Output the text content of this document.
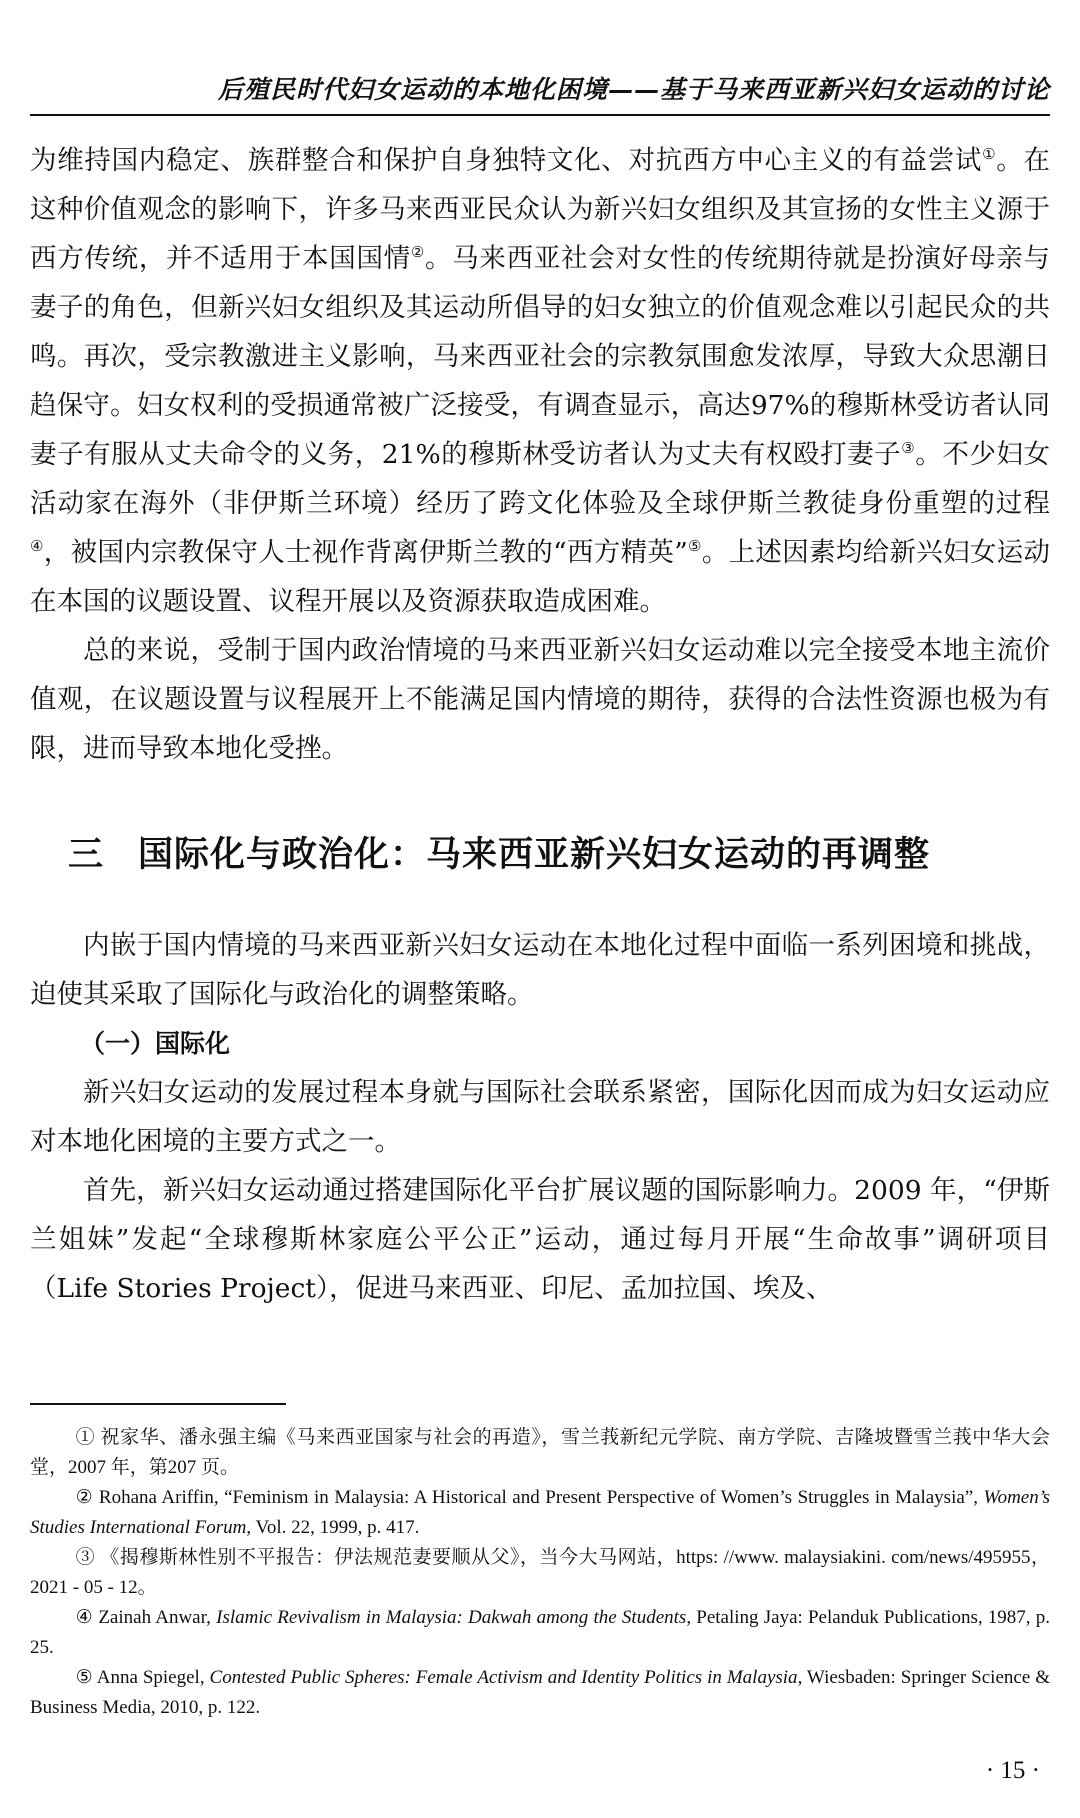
后殖民时代妇女运动的本地化困境——基于马来西亚新兴妇女运动的讨论

为维持国内稳定、族群整合和保护自身独特文化、对抗西方中心主义的有益尝试①。在这种价值观念的影响下，许多马来西亚民众认为新兴妇女组织及其宣扬的女性主义源于西方传统，并不适用于本国国情②。马来西亚社会对女性的传统期待就是扮演好母亲与妻子的角色，但新兴妇女组织及其运动所倡导的妇女独立的价值观念难以引起民众的共鸣。再次，受宗教激进主义影响，马来西亚社会的宗教氛围愈发浓厚，导致大众思潮日趋保守。妇女权利的受损通常被广泛接受，有调查显示，高达97%的穆斯林受访者认同妻子有服从丈夫命令的义务，21%的穆斯林受访者认为丈夫有权殴打妻子③。不少妇女活动家在海外（非伊斯兰环境）经历了跨文化体验及全球伊斯兰教徒身份重塑的过程④，被国内宗教保守人士视作背离伊斯兰教的“西方精英”⑤。上述因素均给新兴妇女运动在本国的议题设置、议程开展以及资源获取造成困难。

总的来说，受制于国内政治情境的马来西亚新兴妇女运动难以完全接受本地主流价值观，在议题设置与议程展开上不能满足国内情境的期待，获得的合法性资源也极为有限，进而导致本地化受挫。

三 国际化与政治化：马来西亚新兴妇女运动的再调整

内嵌于国内情境的马来西亚新兴妇女运动在本地化过程中面临一系列困境和挑战，迫使其采取了国际化与政治化的调整策略。

（一）国际化

新兴妇女运动的发展过程本身就与国际社会联系紧密，国际化因而成为妇女运动应对本地化困境的主要方式之一。

首先，新兴妇女运动通过搭建国际化平台扩展议题的国际影响力。2009 年，“伊斯兰姐妹”发起“全球穆斯林家庭公平公正”运动，通过每月开展“生命故事”调研项目（Life Stories Project），促进马来西亚、印尼、孟加拉国、埃及、

① 祝家华、潘永强主编《马来西亚国家与社会的再造》，雪兰莪新纪元学院、南方学院、吉隆坡暨雪兰莪中华大会堂，2007 年，第207 页。

② Rohana Ariffin, “Feminism in Malaysia: A Historical and Present Perspective of Women’s Struggles in Malaysia”, Women’s Studies International Forum, Vol. 22, 1999, p. 417.

③ 《揭穆斯林性别不平报告：伊法规范妻要顺从父》，当今大马网站，https: //www. malaysiakini. com/news/495955，2021 - 05 - 12。

④ Zainah Anwar, Islamic Revivalism in Malaysia: Dakwah among the Students, Petaling Jaya: Pelanduk Publications, 1987, p. 25.

⑤ Anna Spiegel, Contested Public Spheres: Female Activism and Identity Politics in Malaysia, Wiesbaden: Springer Science & Business Media, 2010, p. 122.

· 15 ·
